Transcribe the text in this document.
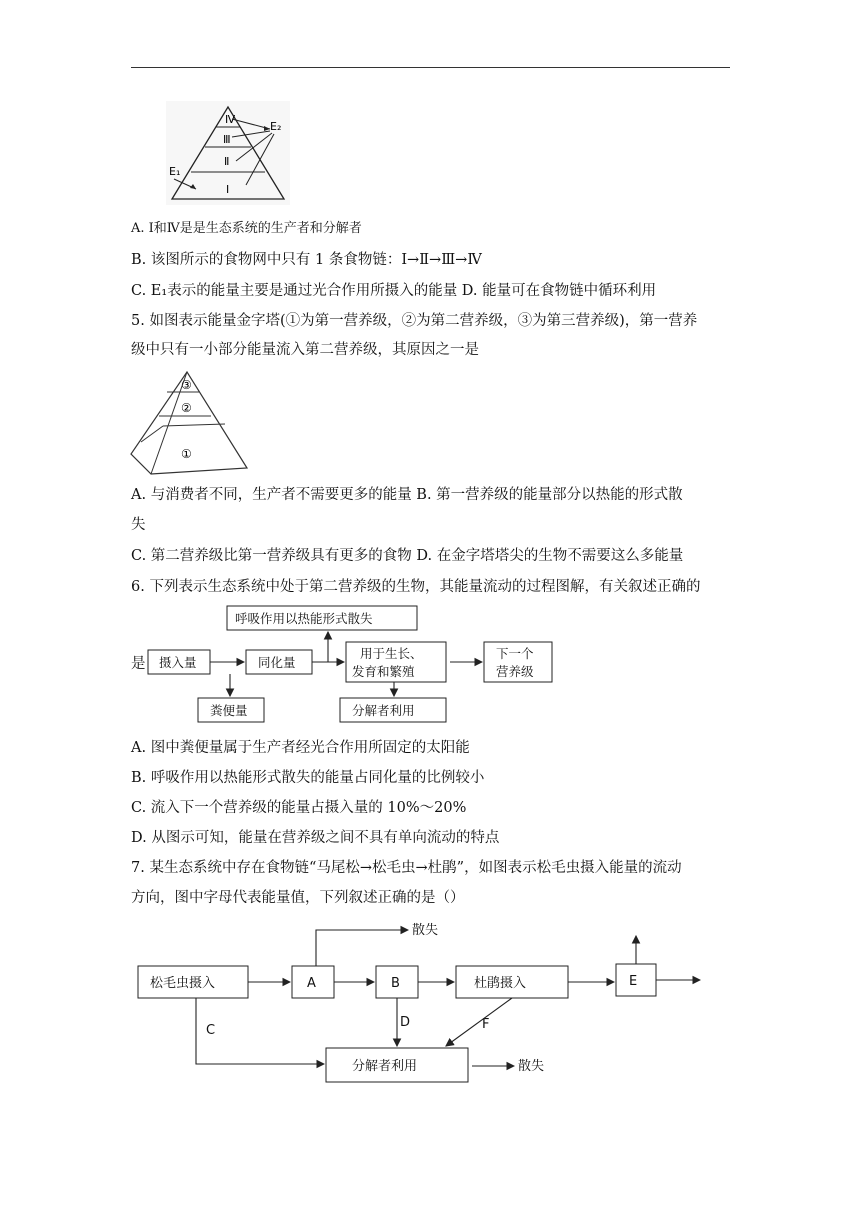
Ⅳ
Ⅲ
Ⅱ
Ⅰ
E₁
E₂
A. Ⅰ和Ⅳ是是生态系统的生产者和分解者
B. 该图所示的食物网中只有 1 条食物链：Ⅰ→Ⅱ→Ⅲ→Ⅳ
C. E₁表示的能量主要是通过光合作用所摄入的能量 D. 能量可在食物链中循环利用
5. 如图表示能量金字塔(①为第一营养级，②为第二营养级，③为第三营养级)，第一营养
级中只有一小部分能量流入第二营养级，其原因之一是
③
②
①
A. 与消费者不同，生产者不需要更多的能量 B. 第一营养级的能量部分以热能的形式散
失
C. 第二营养级比第一营养级具有更多的食物 D. 在金字塔塔尖的生物不需要这么多能量
6. 下列表示生态系统中处于第二营养级的生物，其能量流动的过程图解，有关叙述正确的
是
呼吸作用以热能形式散失
摄入量	同化量
用于生长、
发育和繁殖
下一个
营养级
粪便量	分解者利用
A. 图中粪便量属于生产者经光合作用所固定的太阳能
B. 呼吸作用以热能形式散失的能量占同化量的比例较小
C. 流入下一个营养级的能量占摄入量的 10%～20%
D. 从图示可知，能量在营养级之间不具有单向流动的特点
7. 某生态系统中存在食物链“马尾松→松毛虫→杜鹃”，如图表示松毛虫摄入能量的流动
方向，图中字母代表能量值，下列叙述正确的是（）
松毛虫摄入	A	B	杜鹃摄入	E
分解者利用
散失
散失
C
D	F
